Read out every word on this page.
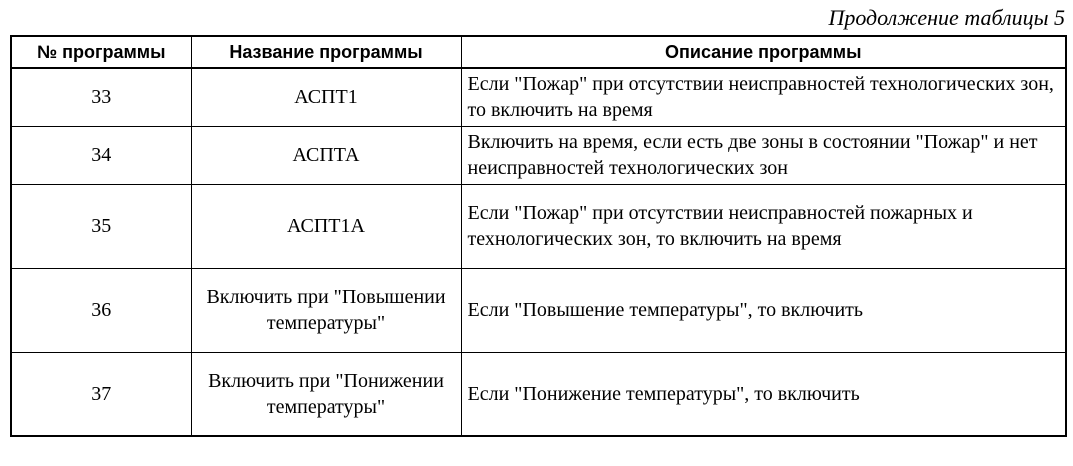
Продолжение таблицы 5
№ программы	Название программы	Описание программы
33	АСПТ1	Если "Пожар" при отсутствии неисправностей технологических зон, то включить на время
34	АСПТА	Включить на время, если есть две зоны в состоянии "Пожар" и нет неисправностей технологических зон
35	АСПТ1А	Если "Пожар" при отсутствии неисправностей пожарных и технологических зон, то включить на время
36	Включить при "Повышении температуры"	Если "Повышение температуры", то включить
37	Включить при "Понижении температуры"	Если "Понижение температуры", то включить
